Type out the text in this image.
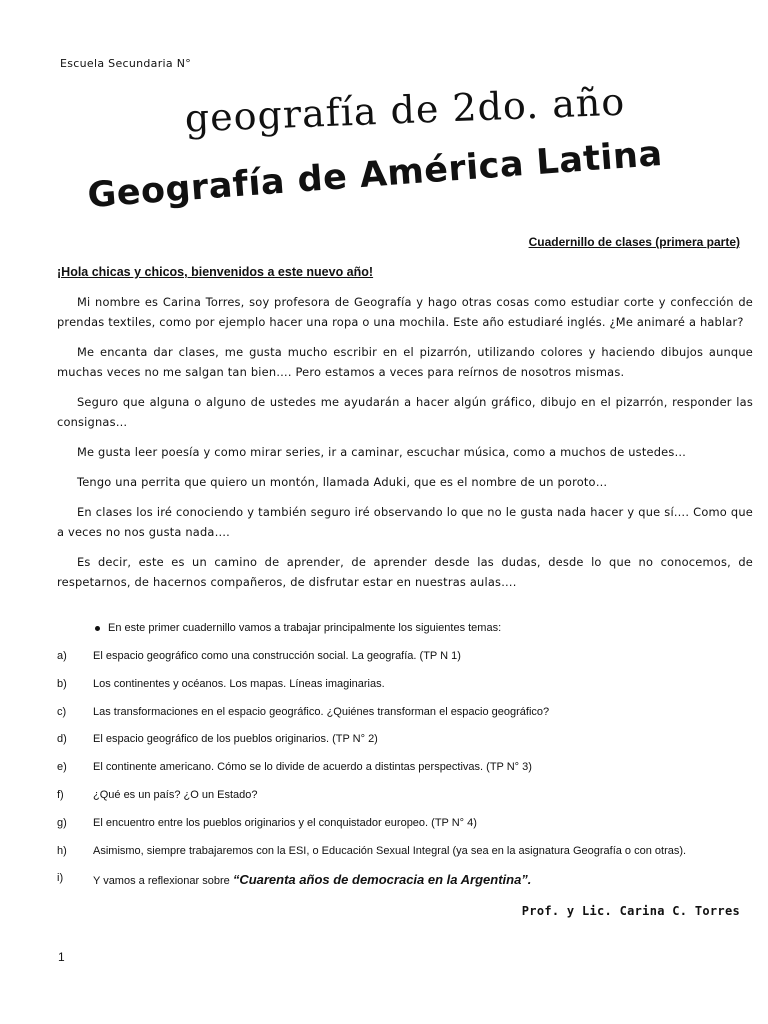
Escuela Secundaria N°
geografía de 2do. año
Geografía de América Latina
Cuadernillo de clases (primera parte)
¡Hola chicas y chicos, bienvenidos a este nuevo año!

Mi nombre es Carina Torres, soy profesora de Geografía y hago otras cosas como estudiar corte y confección de prendas textiles, como por ejemplo hacer una ropa o una mochila. Este año estudiaré inglés. ¿Me animaré a hablar?

Me encanta dar clases, me gusta mucho escribir en el pizarrón, utilizando colores y haciendo dibujos aunque muchas veces no me salgan tan bien…. Pero estamos a veces para reírnos de nosotros mismas.

Seguro que alguna o alguno de ustedes me ayudarán a hacer algún gráfico, dibujo en el pizarrón, responder las consignas…

Me gusta leer poesía y como mirar series, ir a caminar, escuchar música, como a muchos de ustedes…

Tengo una perrita que quiero un montón, llamada Aduki, que es el nombre de un poroto…

En clases los iré conociendo y también seguro iré observando lo que no le gusta nada hacer y que sí…. Como que a veces no nos gusta nada….

Es decir, este es un camino de aprender, de aprender desde las dudas, desde lo que no conocemos, de respetarnos, de hacernos compañeros, de disfrutar estar en nuestras aulas….

En este primer cuadernillo vamos a trabajar principalmente los siguientes temas:
a)	El espacio geográfico como una construcción social. La geografía. (TP N 1)
b)	Los continentes y océanos. Los mapas. Líneas imaginarias.
c)	Las transformaciones en el espacio geográfico. ¿Quiénes transforman el espacio geográfico?
d)	El espacio geográfico de los pueblos originarios. (TP N° 2)
e)	El continente americano. Cómo se lo divide de acuerdo a distintas perspectivas. (TP N° 3)
f)	¿Qué es un país? ¿O un Estado?
g)	El encuentro entre los pueblos originarios y el conquistador europeo. (TP N° 4)
h)	Asimismo, siempre trabajaremos con la ESI, o Educación Sexual Integral (ya sea en la asignatura Geografía o con otras).
i)	Y vamos a reflexionar sobre “Cuarenta años de democracia en la Argentina”.
Prof. y Lic. Carina C. Torres
1
